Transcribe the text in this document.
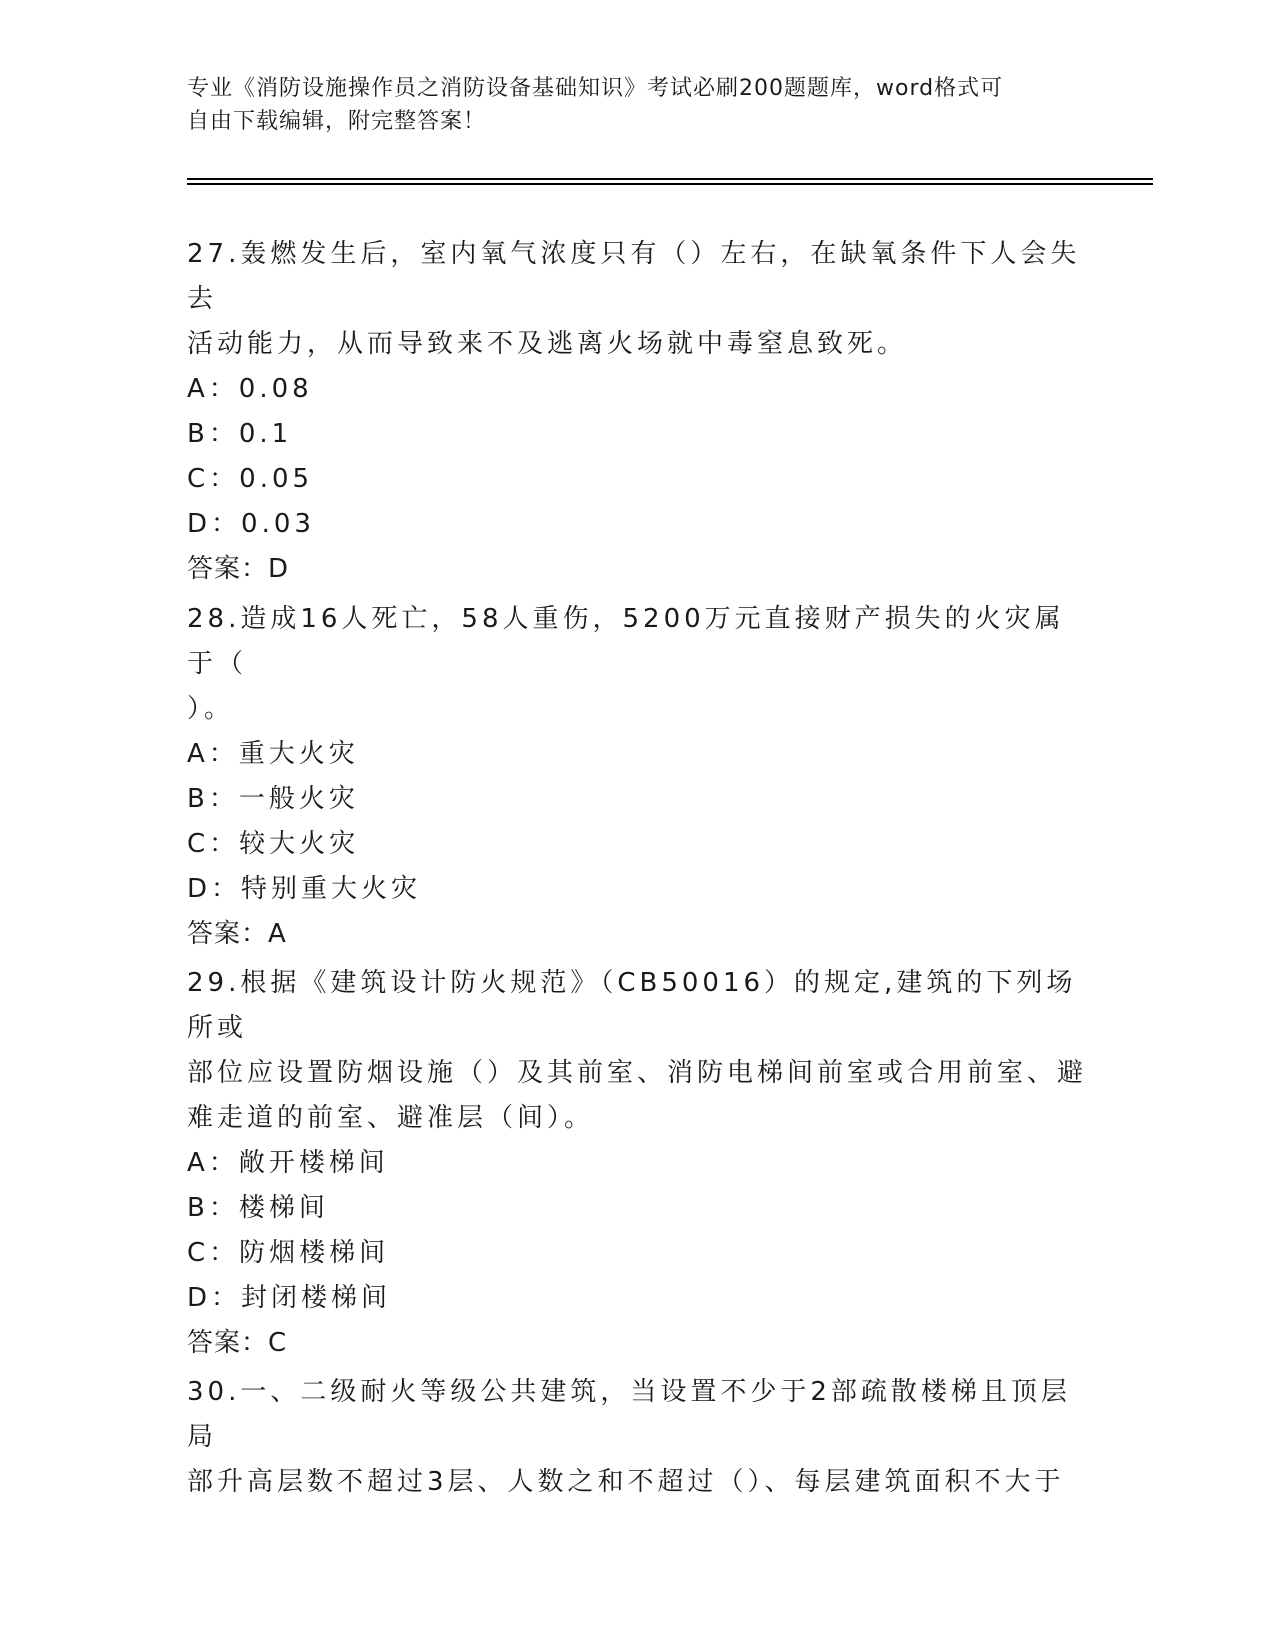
专业《消防设施操作员之消防设备基础知识》考试必刷200题题库，word格式可
自由下载编辑，附完整答案！

27.轰燃发生后，室内氧气浓度只有（）左右，在缺氧条件下人会失去

活动能力，从而导致来不及逃离火场就中毒窒息致死。

A：0.08

B：0.1

C：0.05

D：0.03

答案：D

28.造成16人死亡，58人重伤，5200万元直接财产损失的火灾属于（

）。

A：重大火灾

B：一般火灾

C：较大火灾

D：特别重大火灾

答案：A

29.根据《建筑设计防火规范》（CB50016）的规定,建筑的下列场所或

部位应设置防烟设施（）及其前室、消防电梯间前室或合用前室、避

难走道的前室、避准层（间）。

A：敞开楼梯间

B：楼梯间

C：防烟楼梯间

D：封闭楼梯间

答案：C

30.一、二级耐火等级公共建筑，当设置不少于2部疏散楼梯且顶层局

部升高层数不超过3层、人数之和不超过（）、每层建筑面积不大于
